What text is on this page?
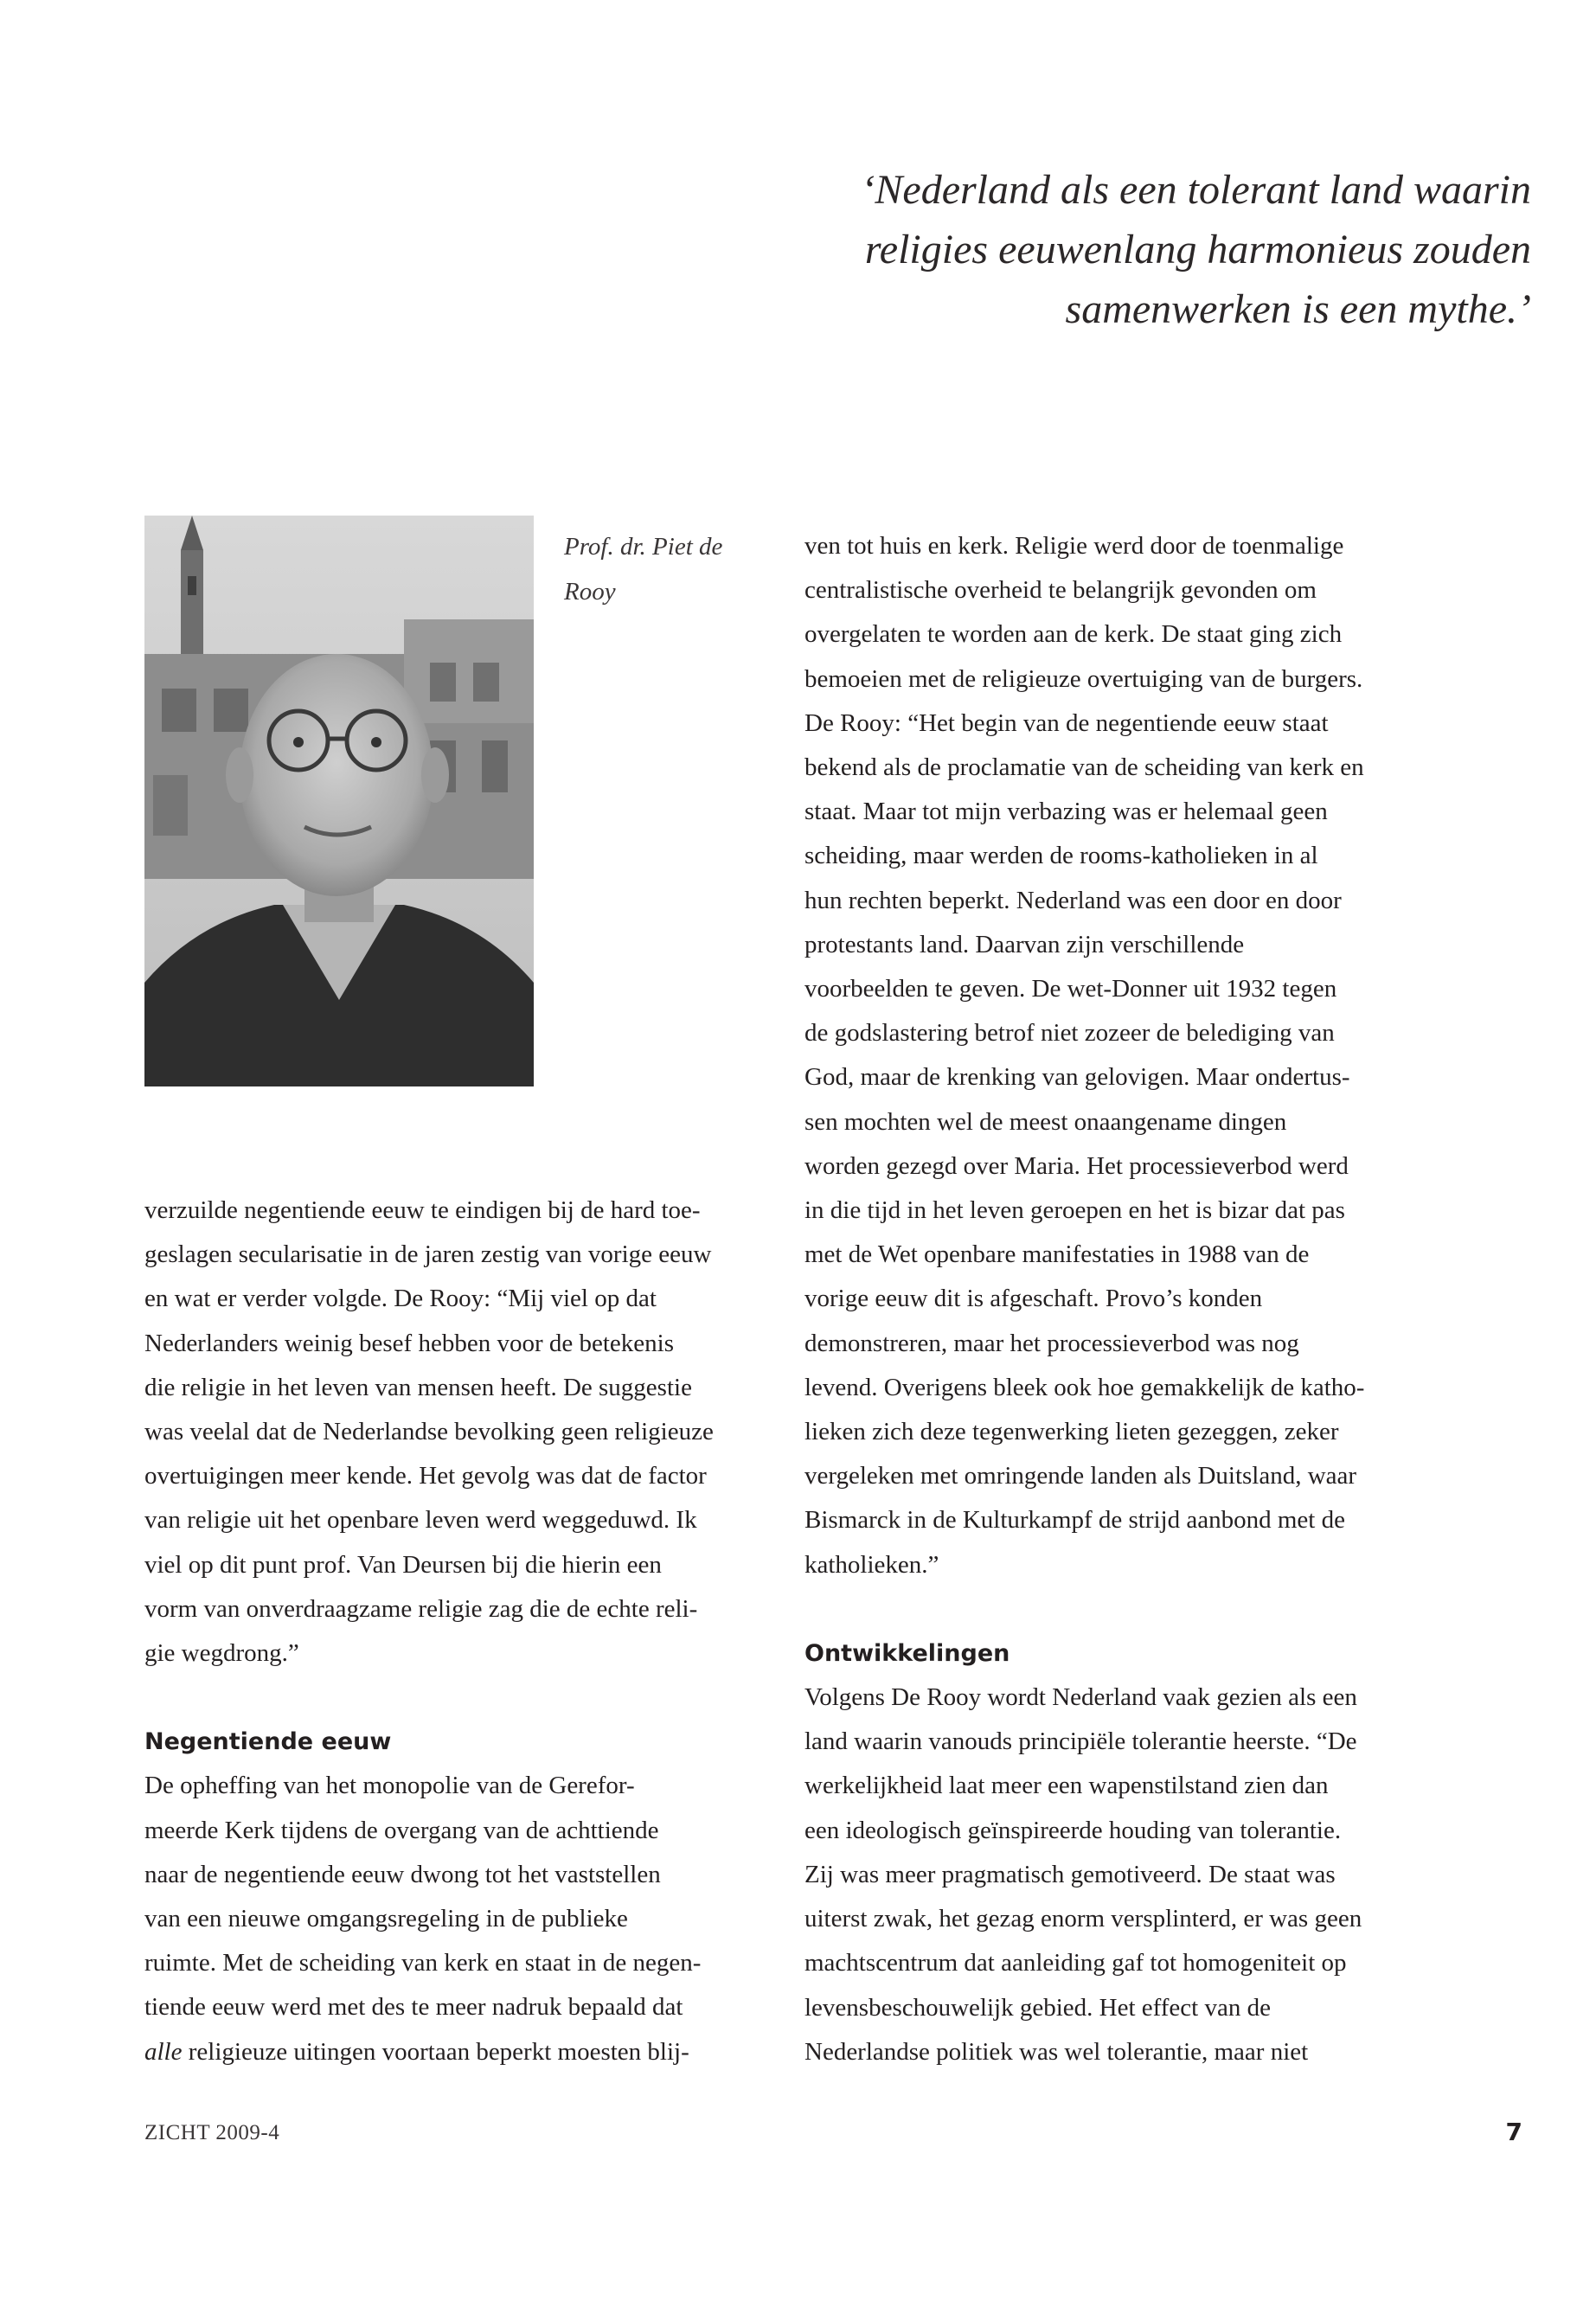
‘Nederland als een tolerant land waarin
religies eeuwenlang harmonieus zouden
samenwerken is een mythe.’
Prof. dr. Piet de
Rooy
verzuilde negentiende eeuw te eindigen bij de hard toe-
geslagen secularisatie in de jaren zestig van vorige eeuw
en wat er verder volgde. De Rooy: “Mij viel op dat
Nederlanders weinig besef hebben voor de betekenis
die religie in het leven van mensen heeft. De suggestie
was veelal dat de Nederlandse bevolking geen religieuze
overtuigingen meer kende. Het gevolg was dat de factor
van religie uit het openbare leven werd weggeduwd. Ik
viel op dit punt prof. Van Deursen bij die hierin een
vorm van onverdraagzame religie zag die de echte reli-
gie wegdrong.”
Negentiende eeuw
De opheffing van het monopolie van de Gerefor-
meerde Kerk tijdens de overgang van de achttiende
naar de negentiende eeuw dwong tot het vaststellen
van een nieuwe omgangsregeling in de publieke
ruimte. Met de scheiding van kerk en staat in de negen-
tiende eeuw werd met des te meer nadruk bepaald dat
alle religieuze uitingen voortaan beperkt moesten blij-
ven tot huis en kerk. Religie werd door de toenmalige
centralistische overheid te belangrijk gevonden om
overgelaten te worden aan de kerk. De staat ging zich
bemoeien met de religieuze overtuiging van de burgers.
De Rooy: “Het begin van de negentiende eeuw staat
bekend als de proclamatie van de scheiding van kerk en
staat. Maar tot mijn verbazing was er helemaal geen
scheiding, maar werden de rooms-katholieken in al
hun rechten beperkt. Nederland was een door en door
protestants land. Daarvan zijn verschillende
voorbeelden te geven. De wet-Donner uit 1932 tegen
de godslastering betrof niet zozeer de belediging van
God, maar de krenking van gelovigen. Maar ondertus-
sen mochten wel de meest onaangename dingen
worden gezegd over Maria. Het processieverbod werd
in die tijd in het leven geroepen en het is bizar dat pas
met de Wet openbare manifestaties in 1988 van de
vorige eeuw dit is afgeschaft. Provo’s konden
demonstreren, maar het processieverbod was nog
levend. Overigens bleek ook hoe gemakkelijk de katho-
lieken zich deze tegenwerking lieten gezeggen, zeker
vergeleken met omringende landen als Duitsland, waar
Bismarck in de Kulturkampf de strijd aanbond met de
katholieken.”
Ontwikkelingen
Volgens De Rooy wordt Nederland vaak gezien als een
land waarin vanouds principiële tolerantie heerste. “De
werkelijkheid laat meer een wapenstilstand zien dan
een ideologisch geïnspireerde houding van tolerantie.
Zij was meer pragmatisch gemotiveerd. De staat was
uiterst zwak, het gezag enorm versplinterd, er was geen
machtscentrum dat aanleiding gaf tot homogeniteit op
levensbeschouwelijk gebied. Het effect van de
Nederlandse politiek was wel tolerantie, maar niet
ZICHT 2009-4	7
